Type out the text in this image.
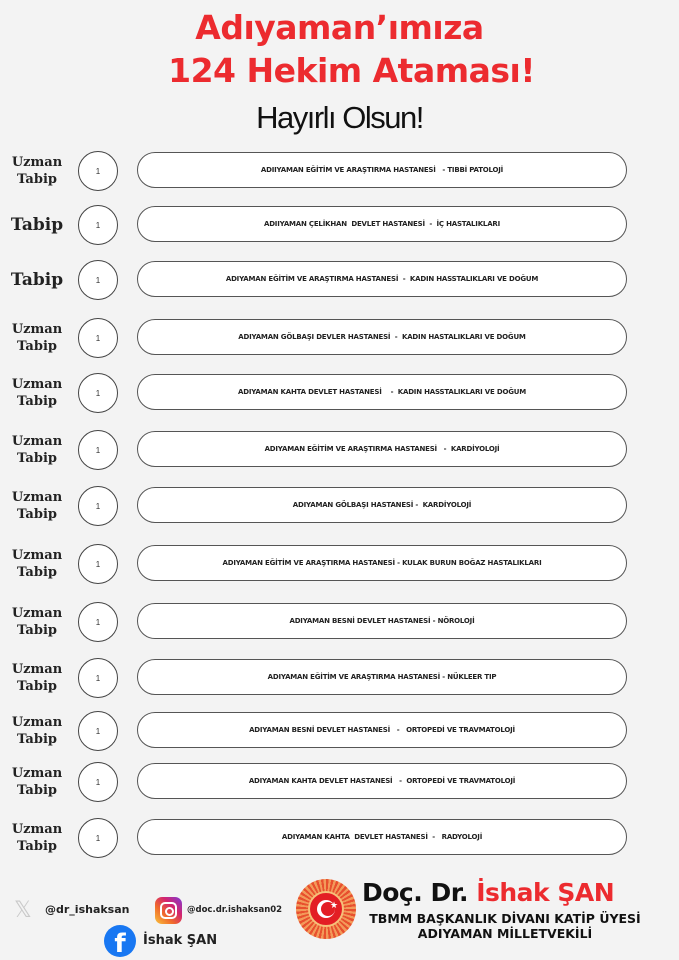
Adıyaman’ımıza
124 Hekim Ataması!
Hayırlı Olsun!
Uzman
Tabip
1	ADIIYAMAN EĞİTİM VE ARAŞTIRMA HASTANESİ   - TIBBİ PATOLOJİ
Tabip	1	ADIIYAMAN ÇELİKHAN  DEVLET HASTANESİ  -  İÇ HASTALIKLARI
Tabip	1	ADIYAMAN EĞİTİM VE ARAŞTIRMA HASTANESİ  -  KADIN HASSTALIKLARI VE DOĞUM
Uzman
Tabip
1	ADIYAMAN GÖLBAŞI DEVLER HASTANESİ  -  KADIN HASTALIKLARI VE DOĞUM
Uzman
Tabip
1	ADIYAMAN KAHTA DEVLET HASTANESİ    -  KADIN HASSTALIKLARI VE DOĞUM
Uzman
Tabip
1	ADIYAMAN EĞİTİM VE ARAŞTIRMA HASTANESİ   -  KARDİYOLOJİ
Uzman
Tabip
1	ADIYAMAN GÖLBAŞI HASTANESİ -  KARDİYOLOJİ
Uzman
Tabip
1	ADIYAMAN EĞİTİM VE ARAŞTIRMA HASTANESİ - KULAK BURUN BOĞAZ HASTALIKLARI
Uzman
Tabip
1	ADIYAMAN BESNİ DEVLET HASTANESİ - NÖROLOJİ
Uzman
Tabip
1	ADIYAMAN EĞİTİM VE ARAŞTIRMA HASTANESİ - NÜKLEER TIP
Uzman
Tabip
1	ADIYAMAN BESNİ DEVLET HASTANESİ   -   ORTOPEDİ VE TRAVMATOLOJİ
Uzman
Tabip
1	ADIYAMAN KAHTA DEVLET HASTANESİ   -  ORTOPEDİ VE TRAVMATOLOJİ
Uzman
Tabip
1	ADIYAMAN KAHTA  DEVLET HASTANESİ  -   RADYOLOJİ
𝕏 @dr_ishaksan	@doc.dr.ishaksan02
f	İshak ŞAN
★ Doç. Dr. İshak ŞAN
TBMM BAŞKANLIK DİVANI KATİP ÜYESİ
ADIYAMAN MİLLETVEKİLİ
